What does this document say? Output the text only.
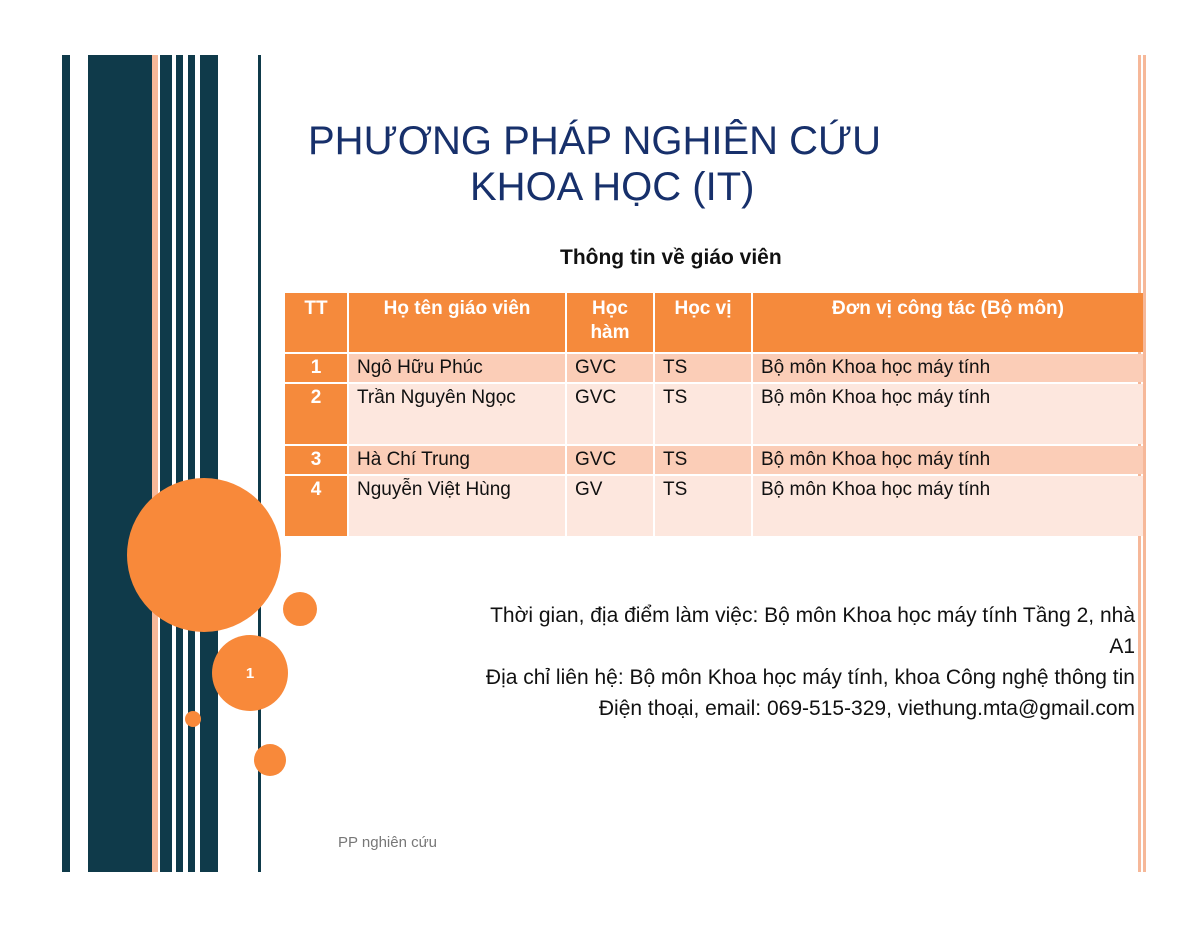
1
PHƯƠNG PHÁP NGHIÊN CỨU
KHOA HỌC (IT)
Thông tin về giáo viên
TT	Họ tên giáo viên	Học hàm	Học vị	Đơn vị công tác (Bộ môn)
1	Ngô Hữu Phúc	GVC	TS	Bộ môn Khoa học máy tính
2	Trần Nguyên Ngọc	GVC	TS	Bộ môn Khoa học máy tính
3	Hà Chí Trung	GVC	TS	Bộ môn Khoa học máy tính
4	Nguyễn Việt Hùng	GV	TS	Bộ môn Khoa học máy tính
Thời gian, địa điểm làm việc: Bộ môn Khoa học máy tính Tầng 2, nhà
A1
Địa chỉ liên hệ: Bộ môn Khoa học máy tính, khoa Công nghệ thông tin
Điện thoại, email: 069-515-329, viethung.mta@gmail.com
PP nghiên cứu
